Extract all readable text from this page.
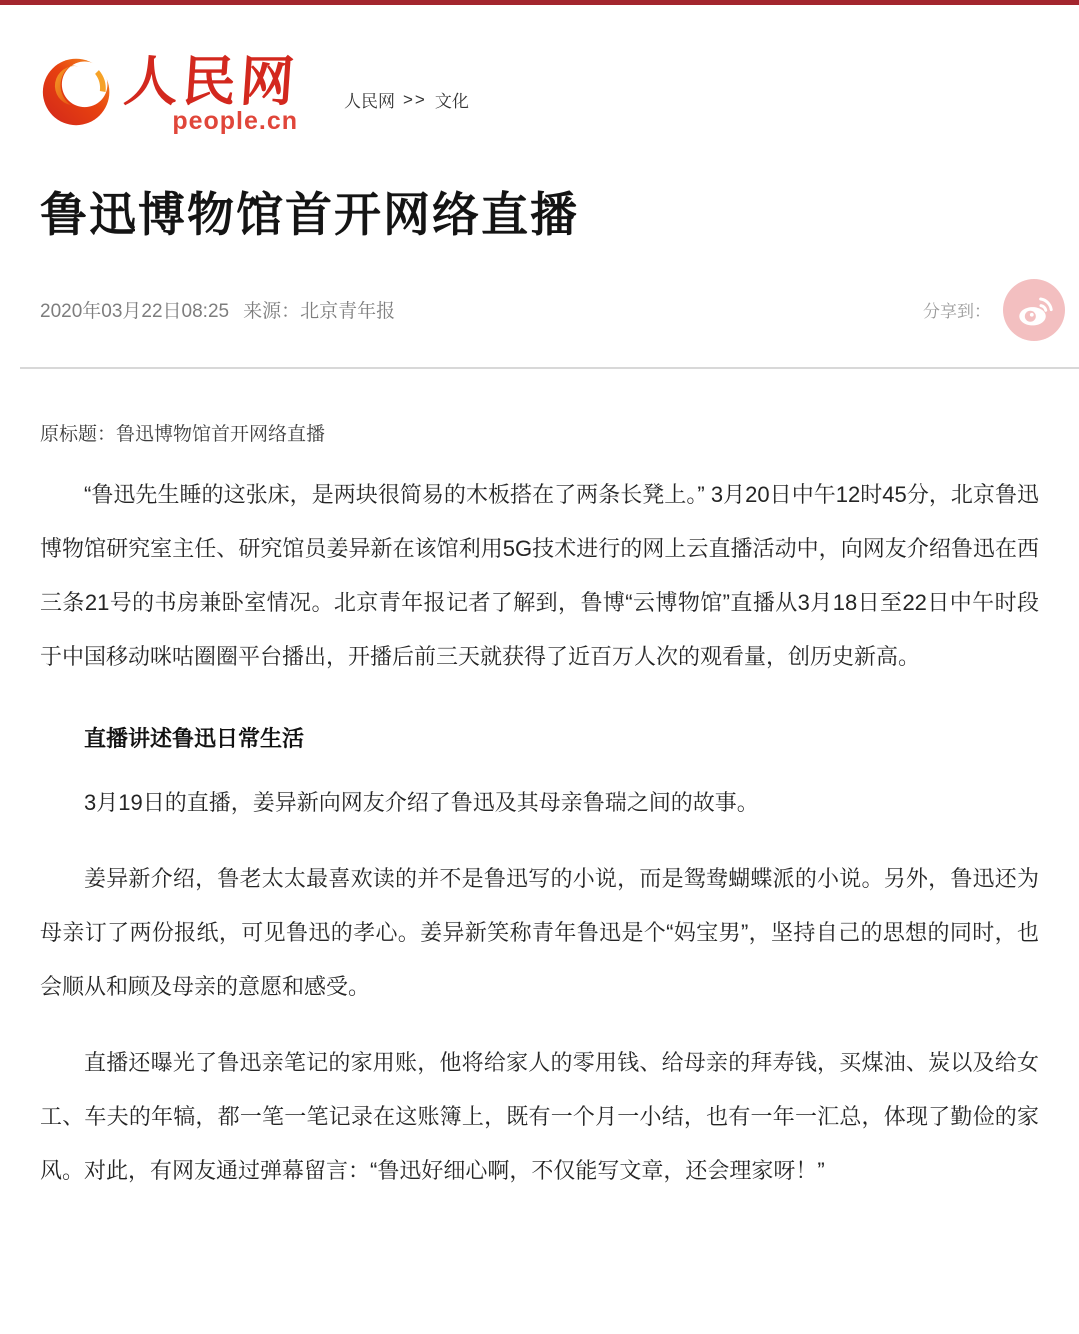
人民网
people.cn
人民网 >> 文化
鲁迅博物馆首开网络直播
2020年03月22日08:25 来源：北京青年报	分享到：

原标题：鲁迅博物馆首开网络直播

“鲁迅先生睡的这张床，是两块很简易的木板搭在了两条长凳上。” 3月20日中午12时45分，北京鲁迅博物馆研究室主任、研究馆员姜异新在该馆利用5G技术进行的网上云直播活动中，向网友介绍鲁迅在西三条21号的书房兼卧室情况。北京青年报记者了解到，鲁博“云博物馆”直播从3月18日至22日中午时段于中国移动咪咕圈圈平台播出，开播后前三天就获得了近百万人次的观看量，创历史新高。

直播讲述鲁迅日常生活

3月19日的直播，姜异新向网友介绍了鲁迅及其母亲鲁瑞之间的故事。

姜异新介绍，鲁老太太最喜欢读的并不是鲁迅写的小说，而是鸳鸯蝴蝶派的小说。另外，鲁迅还为母亲订了两份报纸，可见鲁迅的孝心。姜异新笑称青年鲁迅是个“妈宝男”，坚持自己的思想的同时，也会顺从和顾及母亲的意愿和感受。

直播还曝光了鲁迅亲笔记的家用账，他将给家人的零用钱、给母亲的拜寿钱，买煤油、炭以及给女工、车夫的年犒，都一笔一笔记录在这账簿上，既有一个月一小结，也有一年一汇总，体现了勤俭的家风。对此，有网友通过弹幕留言：“鲁迅好细心啊，不仅能写文章，还会理家呀！”
